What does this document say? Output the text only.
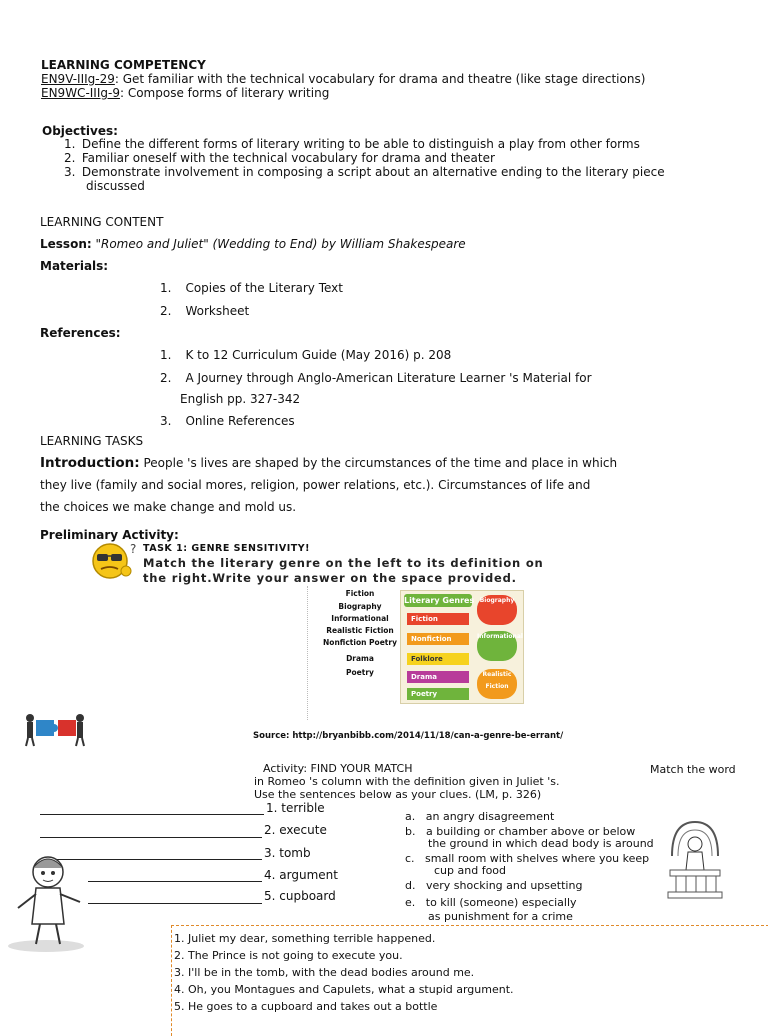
LEARNING COMPETENCY
EN9V-IIIg-29: Get familiar with the technical vocabulary for drama and theatre (like stage directions)
EN9WC-IIIg-9: Compose forms of literary writing
Objectives:
1. Define the different forms of literary writing to be able to distinguish a play from other forms
2. Familiar oneself with the technical vocabulary for drama and theater
3. Demonstrate involvement in composing a script about an alternative ending to the literary piece
discussed
LEARNING CONTENT
Lesson: "Romeo and Juliet" (Wedding to End) by William Shakespeare
Materials:
1. Copies of the Literary Text
2. Worksheet
References:
1. K to 12 Curriculum Guide (May 2016) p. 208
2. A Journey through Anglo-American Literature Learner 's Material for
English pp. 327-342
3. Online References
LEARNING TASKS
Introduction: People 's lives are shaped by the circumstances of the time and place in which
they live (family and social mores, religion, power relations, etc.). Circumstances of life and
the choices we make change and mold us.
Preliminary Activity:
? TASK 1: GENRE SENSITIVITY!
Match the literary genre on the left to its definition on
the right.Write your answer on the space provided.
Fiction
Biography
Informational
Realistic Fiction
Nonfiction Poetry
Drama
Poetry
Literary Genres
Fiction
Nonfiction
Folklore
Drama
Poetry
Biography
Informational
Realistic Fiction
Source: http://bryanbibb.com/2014/11/18/can-a-genre-be-errant/
Activity: FIND YOUR MATCH	Match the word
in Romeo 's column with the definition given in Juliet 's.
Use the sentences below as your clues. (LM, p. 326)
1. terrible
2. execute
3. tomb
4. argument
5. cupboard
a. an angry disagreement
b. a building or chamber above or below
the ground in which dead body is around
c. small room with shelves where you keep
cup and food
d. very shocking and upsetting
e. to kill (someone) especially
as punishment for a crime
1. Juliet my dear, something terrible happened.
2. The Prince is not going to execute you.
3. I'll be in the tomb, with the dead bodies around me.
4. Oh, you Montagues and Capulets, what a stupid argument.
5. He goes to a cupboard and takes out a bottle
